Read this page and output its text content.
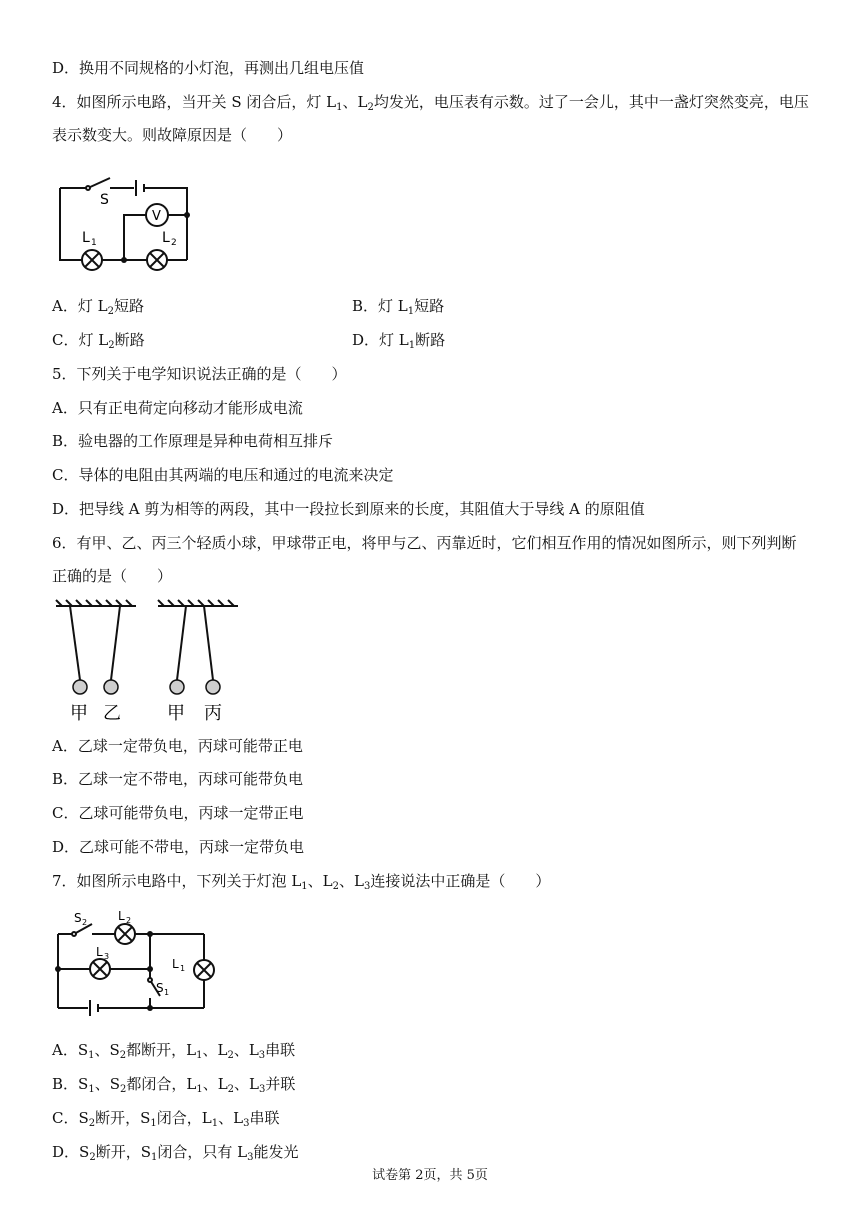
D．换用不同规格的小灯泡，再测出几组电压值
4．如图所示电路，当开关 S 闭合后，灯 $L_1$、$L_2$均发光，电压表有示数。过了一会儿，其中一盏灯突然变亮，电压
表示数变大。则故障原因是（　　）
S
V
L 1	L 2
A．灯 $L_2$短路	B．灯 $L_1$短路
C．灯 $L_2$断路	D．灯 $L_1$断路
5．下列关于电学知识说法正确的是（　　）
A．只有正电荷定向移动才能形成电流
B．验电器的工作原理是异种电荷相互排斥
C．导体的电阻由其两端的电压和通过的电流来决定
D．把导线 A 剪为相等的两段，其中一段拉长到原来的长度，其阻值大于导线 A 的原阻值
6．有甲、乙、丙三个轻质小球，甲球带正电，将甲与乙、丙靠近时，它们相互作用的情况如图所示，则下列判断
正确的是（　　）
甲 乙	甲 丙
A．乙球一定带负电，丙球可能带正电
B．乙球一定不带电，丙球可能带负电
C．乙球可能带负电，丙球一定带正电
D．乙球可能不带电，丙球一定带负电
7．如图所示电路中，下列关于灯泡 $L_1$、$L_2$、$L_3$连接说法中正确是（　　）
S 2	L 2
L 3
L 1
S 1
A．$S_1$、$S_2$都断开，$L_1$、$L_2$、$L_3$串联
B．$S_1$、$S_2$都闭合，$L_1$、$L_2$、$L_3$并联
C．$S_2$断开，$S_1$闭合，$L_1$、$L_3$串联
D．$S_2$断开，$S_1$闭合，只有 $L_3$能发光
试卷第 2页，共 5页
